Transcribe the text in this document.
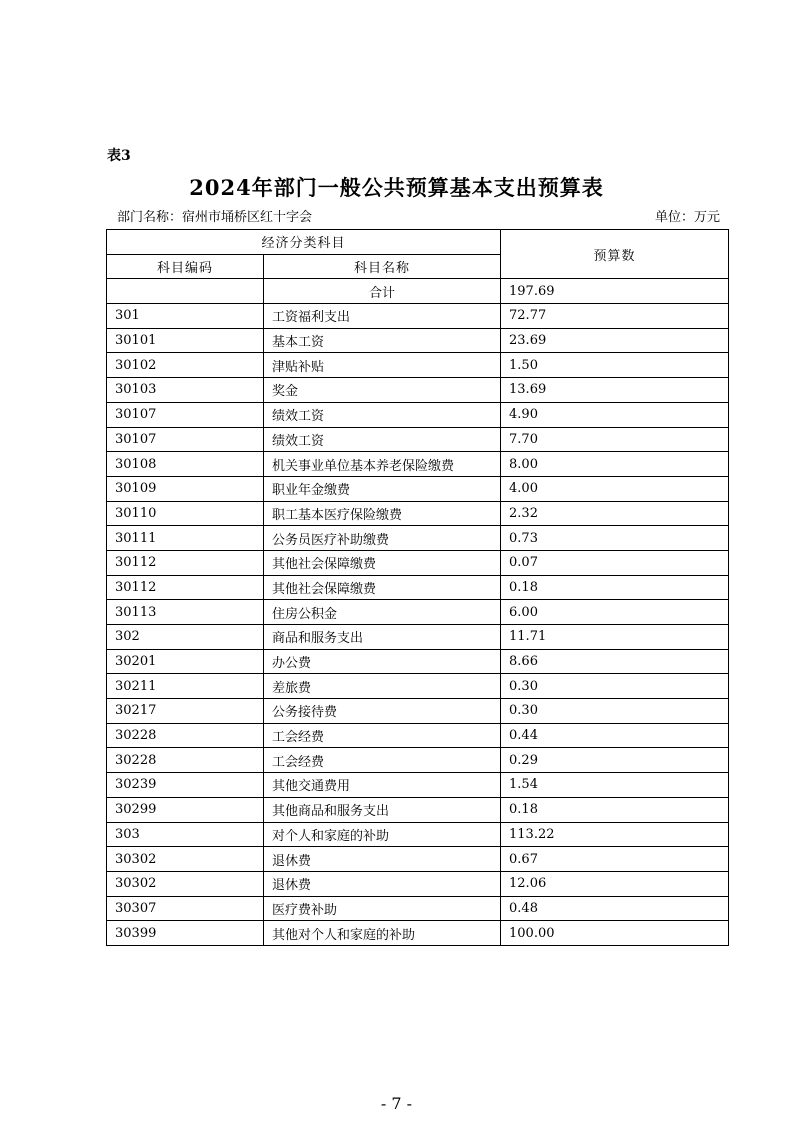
表3
2024年部门一般公共预算基本支出预算表
部门名称：宿州市埇桥区红十字会	单位：万元
经济分类科目		预算数
科目编码	科目名称	
	合计	197.69
301	工资福利支出	72.77
30101	基本工资	23.69
30102	津贴补贴	1.50
30103	奖金	13.69
30107	绩效工资	4.90
30107	绩效工资	7.70
30108	机关事业单位基本养老保险缴费	8.00
30109	职业年金缴费	4.00
30110	职工基本医疗保险缴费	2.32
30111	公务员医疗补助缴费	0.73
30112	其他社会保障缴费	0.07
30112	其他社会保障缴费	0.18
30113	住房公积金	6.00
302	商品和服务支出	11.71
30201	办公费	8.66
30211	差旅费	0.30
30217	公务接待费	0.30
30228	工会经费	0.44
30228	工会经费	0.29
30239	其他交通费用	1.54
30299	其他商品和服务支出	0.18
303	对个人和家庭的补助	113.22
30302	退休费	0.67
30302	退休费	12.06
30307	医疗费补助	0.48
30399	其他对个人和家庭的补助	100.00
- 7 -
